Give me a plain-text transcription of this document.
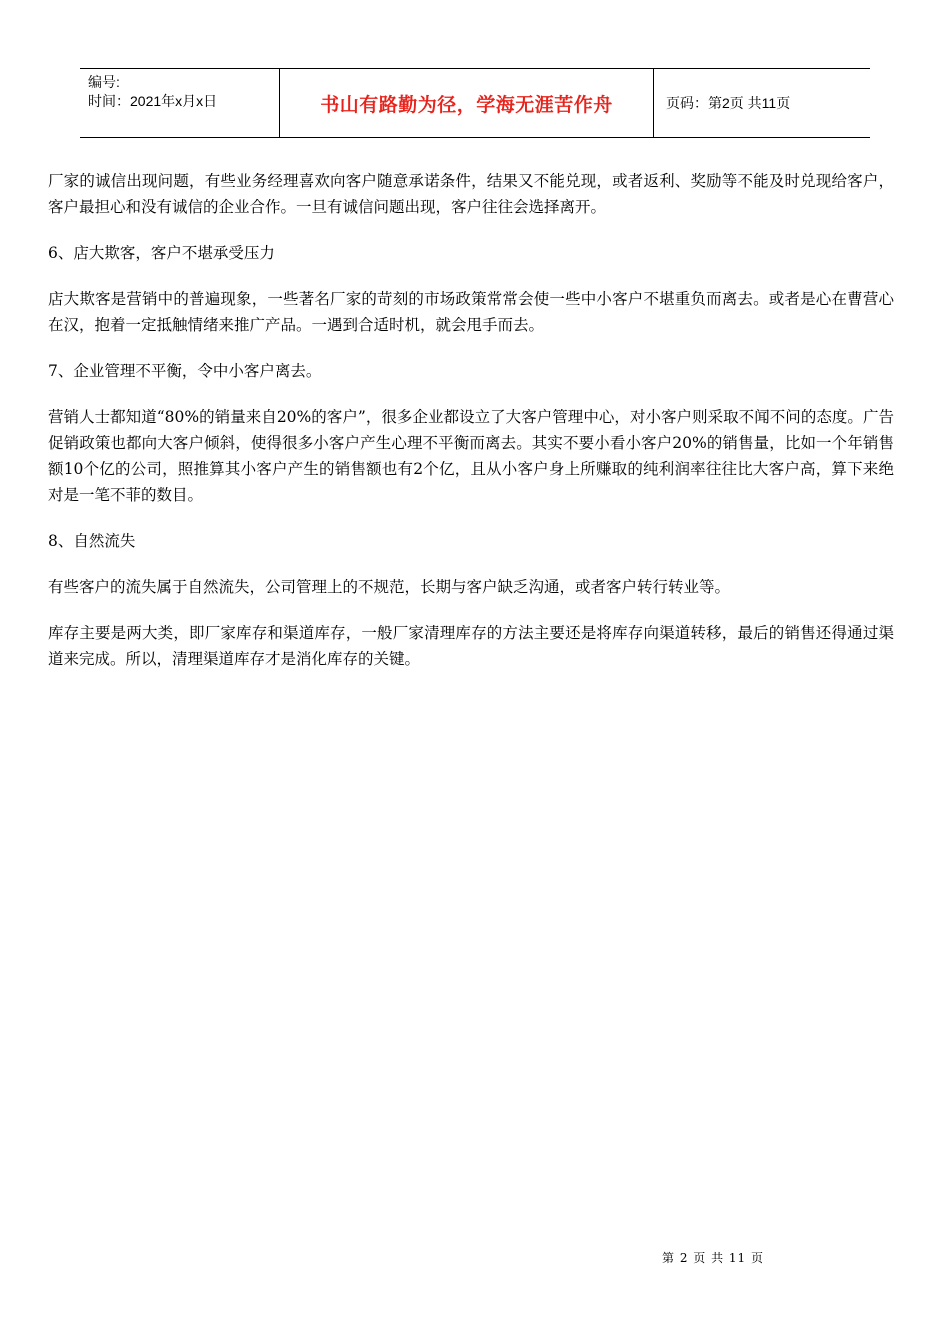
编号:
时间：2021年x月x日	书山有路勤为径，学海无涯苦作舟	页码：第2页 共11页

厂家的诚信出现问题，有些业务经理喜欢向客户随意承诺条件，结果又不能兑现，或者返利、奖励等不能及时兑现给客户，客户最担心和没有诚信的企业合作。一旦有诚信问题出现，客户往往会选择离开。

6、店大欺客，客户不堪承受压力

店大欺客是营销中的普遍现象，一些著名厂家的苛刻的市场政策常常会使一些中小客户不堪重负而离去。或者是心在曹营心在汉，抱着一定抵触情绪来推广产品。一遇到合适时机，就会甩手而去。

7、企业管理不平衡，令中小客户离去。

营销人士都知道“80%的销量来自20%的客户”，很多企业都设立了大客户管理中心，对小客户则采取不闻不问的态度。广告促销政策也都向大客户倾斜，使得很多小客户产生心理不平衡而离去。其实不要小看小客户20%的销售量，比如一个年销售额10个亿的公司，照推算其小客户产生的销售额也有2个亿，且从小客户身上所赚取的纯利润率往往比大客户高，算下来绝对是一笔不菲的数目。

8、自然流失

有些客户的流失属于自然流失，公司管理上的不规范，长期与客户缺乏沟通，或者客户转行转业等。

库存主要是两大类，即厂家库存和渠道库存，一般厂家清理库存的方法主要还是将库存向渠道转移，最后的销售还得通过渠道来完成。所以，清理渠道库存才是消化库存的关键。

第 2 页 共 11 页
